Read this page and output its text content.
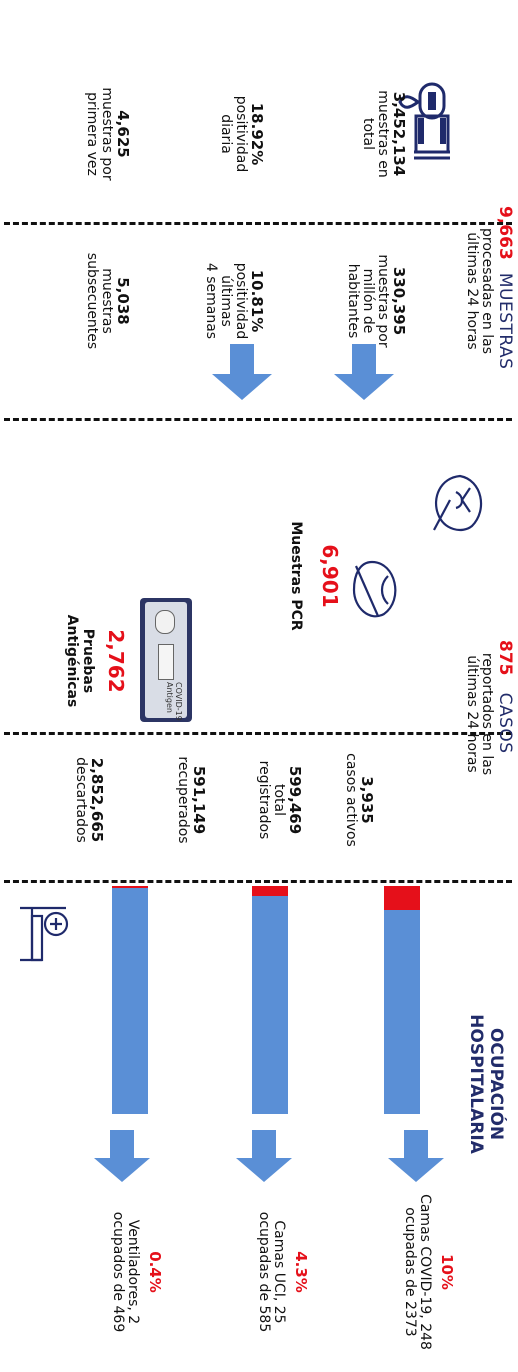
9,663 MUESTRAS
procesadas en las
últimas 24 horas
3,452,134
muestras en
total
18.92%
positividad
diaria
4,625
muestras por
primera vez
330,395
muestras por
millón de
habitantes
10.81%
positividad
últimas
4 semanas
5,038
muestras
subsecuentes
6,901
Muestras PCR
COVID-19
Antigen
2,762
Pruebas
Antigénicas	875 CASOS
reportados en las
últimas 24 horas
3,935
casos activos
599,469
total
registrados
591,149
recuperados
2,852,665
descartados
OCUPACIÓN
HOSPITALARIA
10%
Camas COVID-19, 248
ocupadas de 2373
4.3%
Camas UCI, 25
ocupadas de 585
0.4%
Ventiladores, 2
ocupados de 469
